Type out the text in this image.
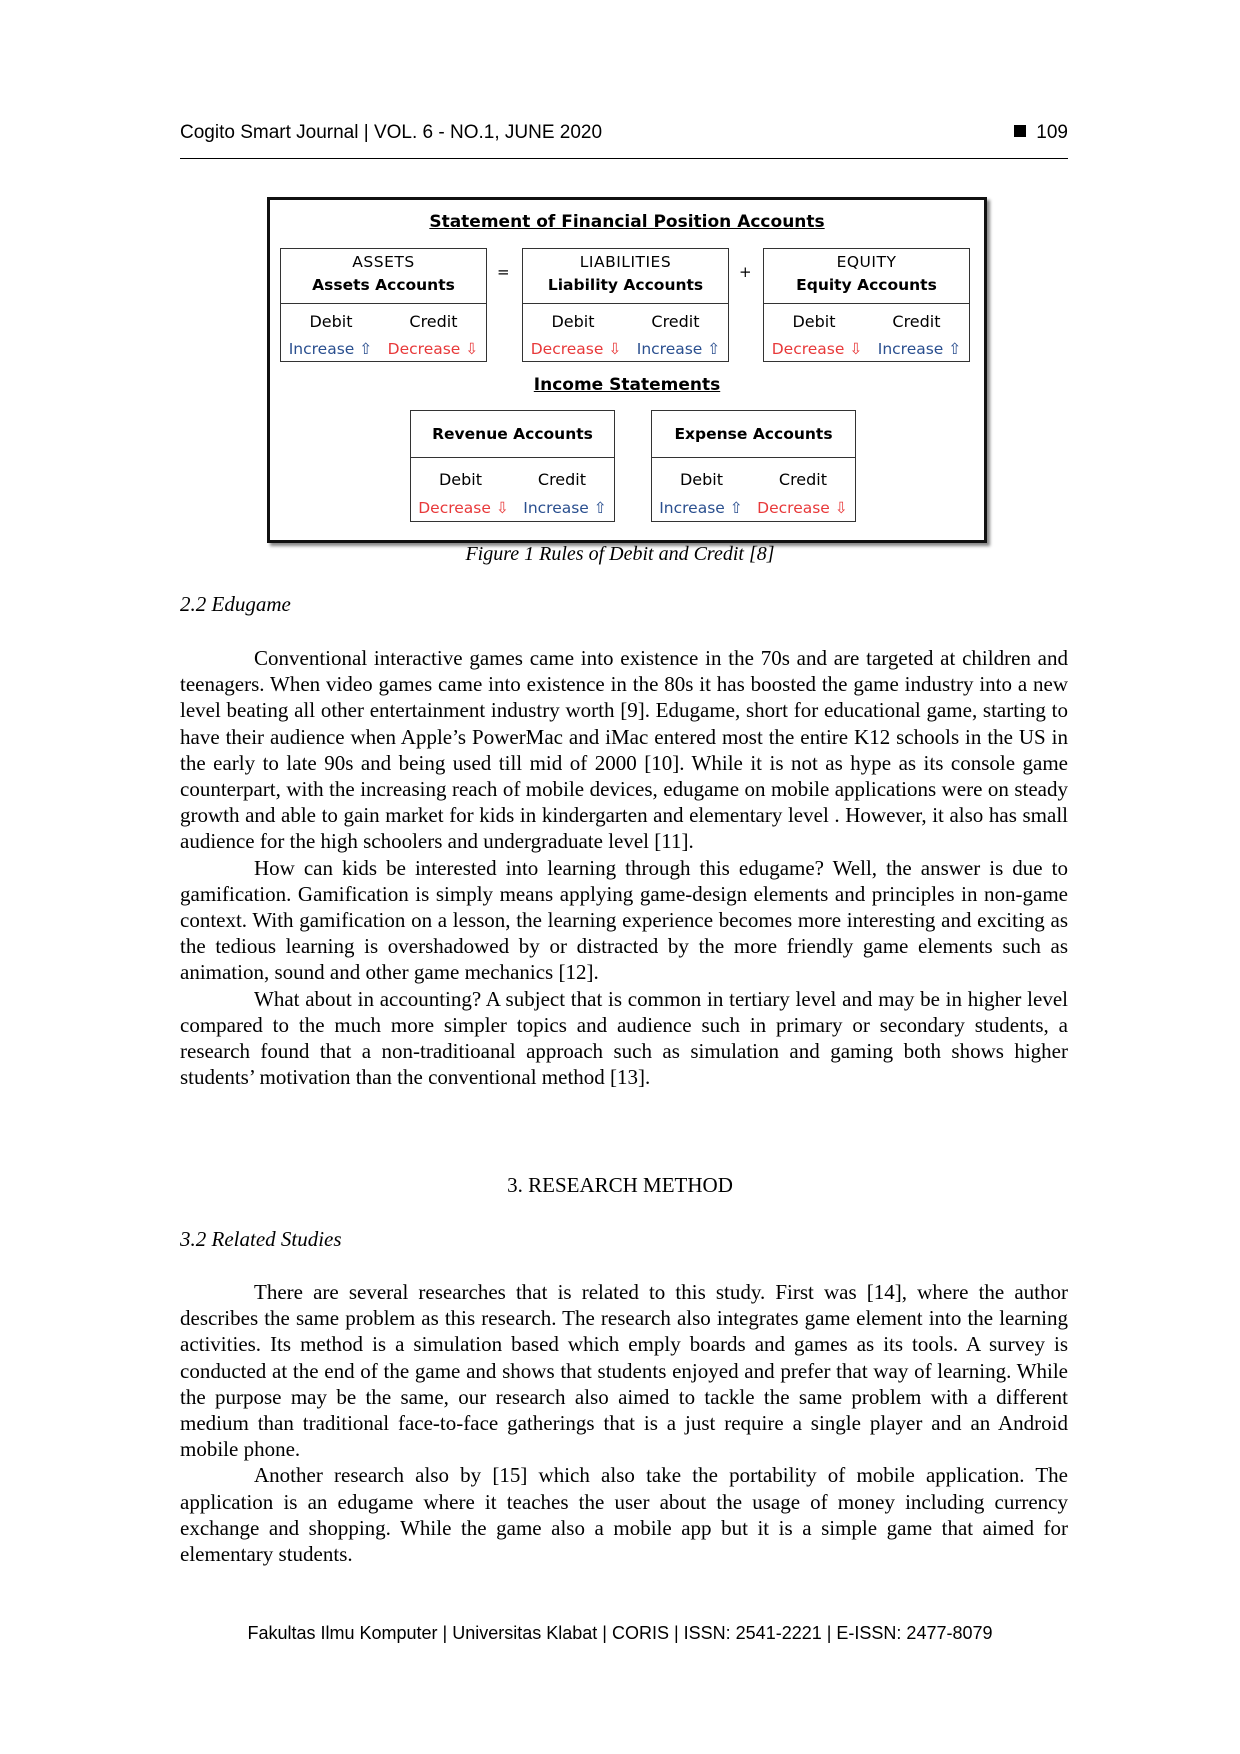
Cogito Smart Journal | VOL. 6 - NO.1, JUNE 2020	109
Statement of Financial Position Accounts
ASSETS
Assets Accounts
Debit	Credit
Increase ⇧ Decrease ⇩
=
LIABILITIES
Liability Accounts
Debit	Credit
Decrease ⇩ Increase ⇧
+
EQUITY
Equity Accounts
Debit	Credit
Decrease ⇩ Increase ⇧
Income Statements
Revenue Accounts
Debit	Credit
Decrease ⇩ Increase ⇧
Expense Accounts
Debit	Credit
Increase ⇧ Decrease ⇩
Figure 1 Rules of Debit and Credit [8]
2.2 Edugame

Conventional interactive games came into existence in the 70s and are targeted at children and teenagers. When video games came into existence in the 80s it has boosted the game industry into a new level beating all other entertainment industry worth [9]. Edugame, short for educational game, starting to have their audience when Apple’s PowerMac and iMac entered most the entire K12 schools in the US in the early to late 90s and being used till mid of 2000 [10]. While it is not as hype as its console game counterpart, with the increasing reach of mobile devices, edugame on mobile applications were on steady growth and able to gain market for kids in kindergarten and elementary level . However, it also has small audience for the high schoolers and undergraduate level [11].

How can kids be interested into learning through this edugame? Well, the answer is due to gamification. Gamification is simply means applying game-design elements and principles in non-game context. With gamification on a lesson, the learning experience becomes more interesting and exciting as the tedious learning is overshadowed by or distracted by the more friendly game elements such as animation, sound and other game mechanics [12].

What about in accounting? A subject that is common in tertiary level and may be in higher level compared to the much more simpler topics and audience such in primary or secondary students, a research found that a non-traditioanal approach such as simulation and gaming both shows higher students’ motivation than the conventional method [13].

3. RESEARCH METHOD
3.2 Related Studies

There are several researches that is related to this study. First was [14], where the author describes the same problem as this research. The research also integrates game element into the learning activities. Its method is a simulation based which emply boards and games as its tools. A survey is conducted at the end of the game and shows that students enjoyed and prefer that way of learning. While the purpose may be the same, our research also aimed to tackle the same problem with a different medium than traditional face-to-face gatherings that is a just require a single player and an Android mobile phone.

Another research also by [15] which also take the portability of mobile application. The application is an edugame where it teaches the user about the usage of money including currency exchange and shopping. While the game also a mobile app but it is a simple game that aimed for elementary students.

Fakultas Ilmu Komputer | Universitas Klabat | CORIS | ISSN: 2541-2221 | E-ISSN: 2477-8079
